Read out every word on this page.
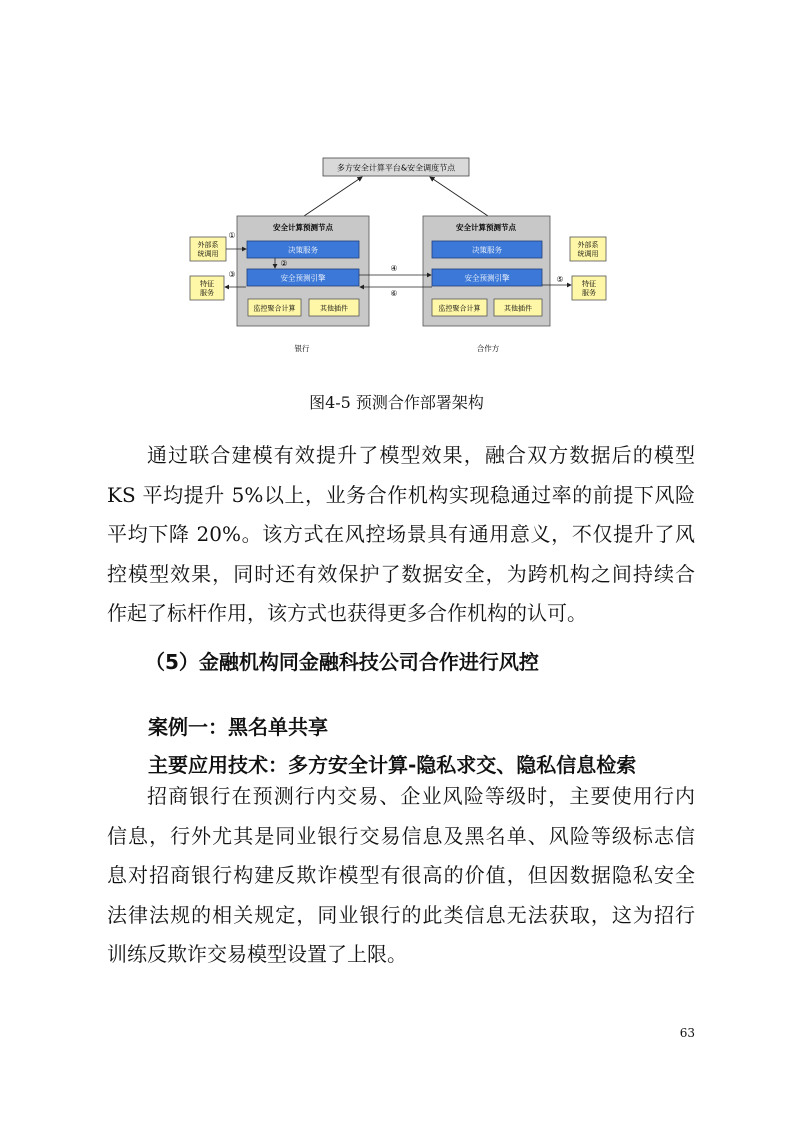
多方安全计算平台&安全调度节点
安全计算预测节点
决策服务
安全预测引擎
监控聚合计算	其他插件
安全计算预测节点
决策服务
安全预测引擎
监控聚合计算	其他插件
④
⑥
外部系统调用
特征服务
①
②
③
外部系统调用
特征服务
⑤
银行	合作方
图4-5 预测合作部署架构
通过联合建模有效提升了模型效果，融合双方数据后的模型
KS 平均提升 5%以上，业务合作机构实现稳通过率的前提下风险
平均下降 20%。该方式在风控场景具有通用意义，不仅提升了风
控模型效果，同时还有效保护了数据安全，为跨机构之间持续合
作起了标杆作用，该方式也获得更多合作机构的认可。
（5）金融机构同金融科技公司合作进行风控
案例一：黑名单共享
主要应用技术：多方安全计算-隐私求交、隐私信息检索
招商银行在预测行内交易、企业风险等级时，主要使用行内
信息，行外尤其是同业银行交易信息及黑名单、风险等级标志信
息对招商银行构建反欺诈模型有很高的价值，但因数据隐私安全
法律法规的相关规定，同业银行的此类信息无法获取，这为招行
训练反欺诈交易模型设置了上限。
63
